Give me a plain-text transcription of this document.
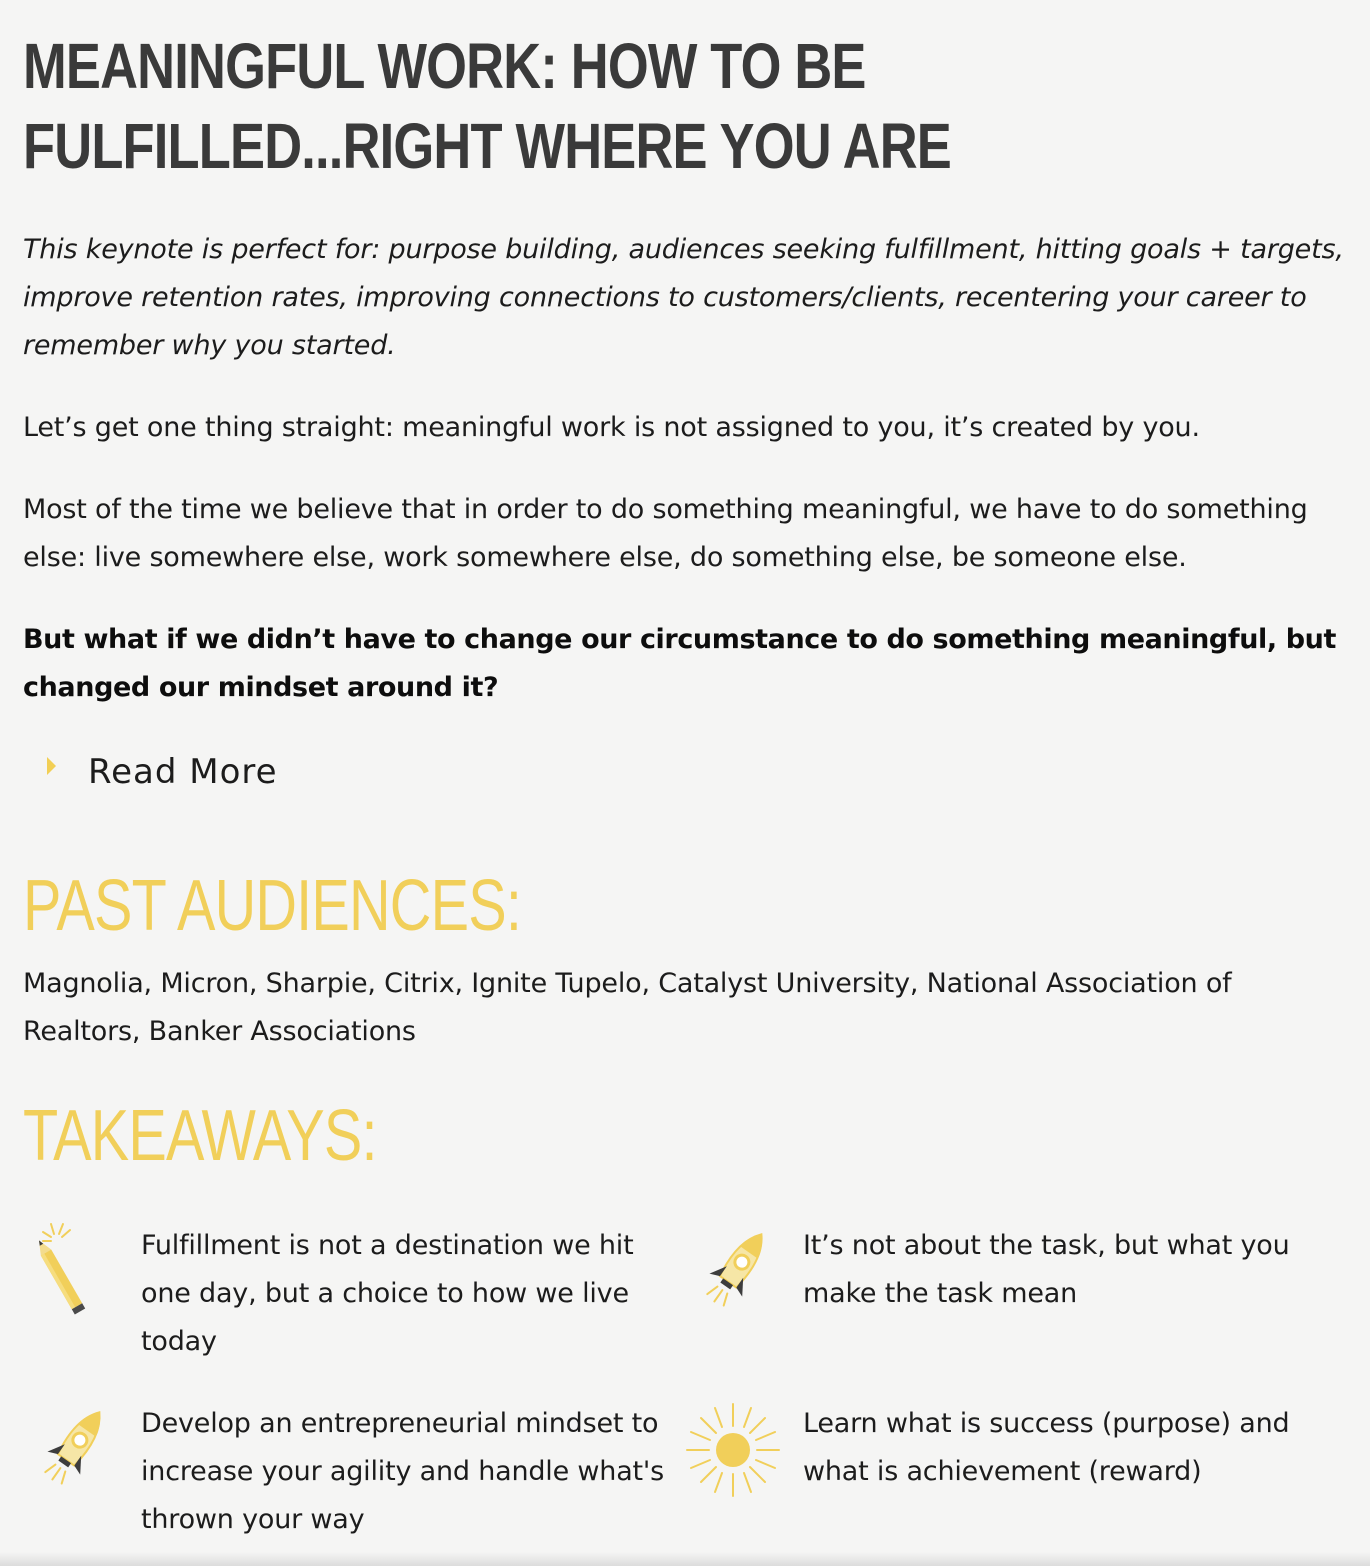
MEANINGFUL WORK: HOW TO BE
FULFILLED...RIGHT WHERE YOU ARE

This keynote is perfect for: purpose building, audiences seeking fulfillment, hitting goals + targets, improve retention rates, improving connections to customers/clients, recentering your career to remember why you started.

Let’s get one thing straight: meaningful work is not assigned to you, it’s created by you.

Most of the time we believe that in order to do something meaningful, we have to do something else: live somewhere else, work somewhere else, do something else, be someone else.

But what if we didn’t have to change our circumstance to do something meaningful, but changed our mindset around it?

Read More
PAST AUDIENCES:

Magnolia, Micron, Sharpie, Citrix, Ignite Tupelo, Catalyst University, National Association of Realtors, Banker Associations

TAKEAWAYS:

Fulfillment is not a destination we hit one day, but a choice to how we live today

It’s not about the task, but what you make the task mean

Develop an entrepreneurial mindset to increase your agility and handle what's thrown your way

Learn what is success (purpose) and what is achievement (reward)
